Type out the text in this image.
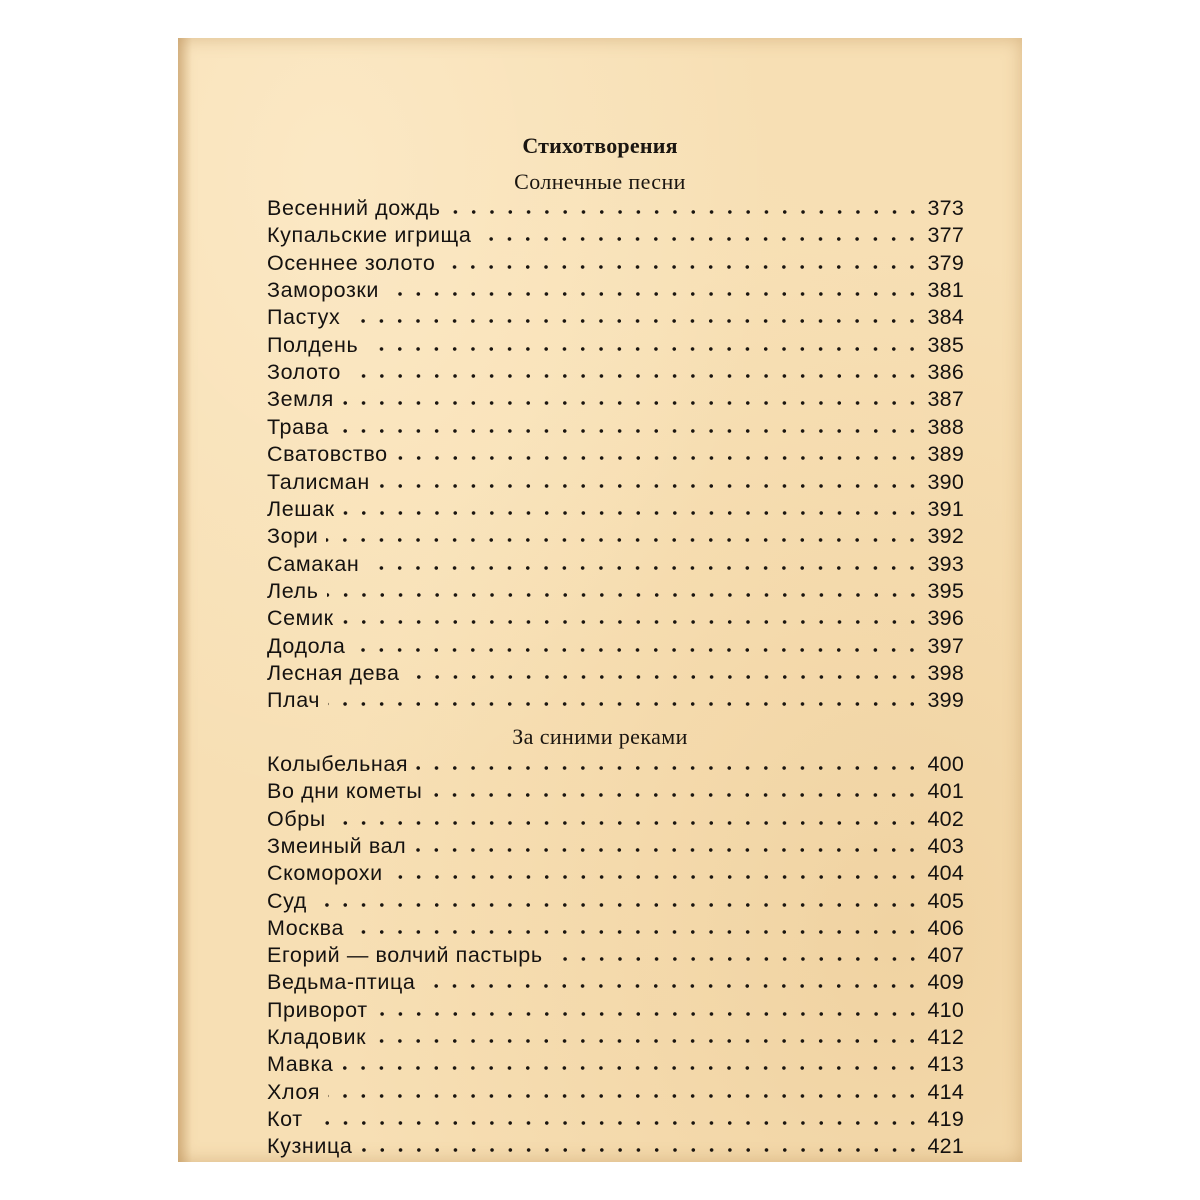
Стихотворения
Солнечные песни
За синими реками
Весенний дождь	373
Купальские игрища	377
Осеннее золото	379
Заморозки	381
Пастух	384
Полдень	385
Золото	386
Земля	387
Трава	388
Сватовство	389
Талисман	390
Лешак	391
Зори	392
Самакан	393
Лель	395
Семик	396
Додола	397
Лесная дева	398
Плач	399
Колыбельная	400
Во дни кометы	401
Обры	402
Змеиный вал	403
Скоморохи	404
Суд	405
Москва	406
Егорий — волчий пастырь	407
Ведьма-птица	409
Приворот	410
Кладовик	412
Мавка	413
Хлоя	414
Кот	419
Кузница	421
